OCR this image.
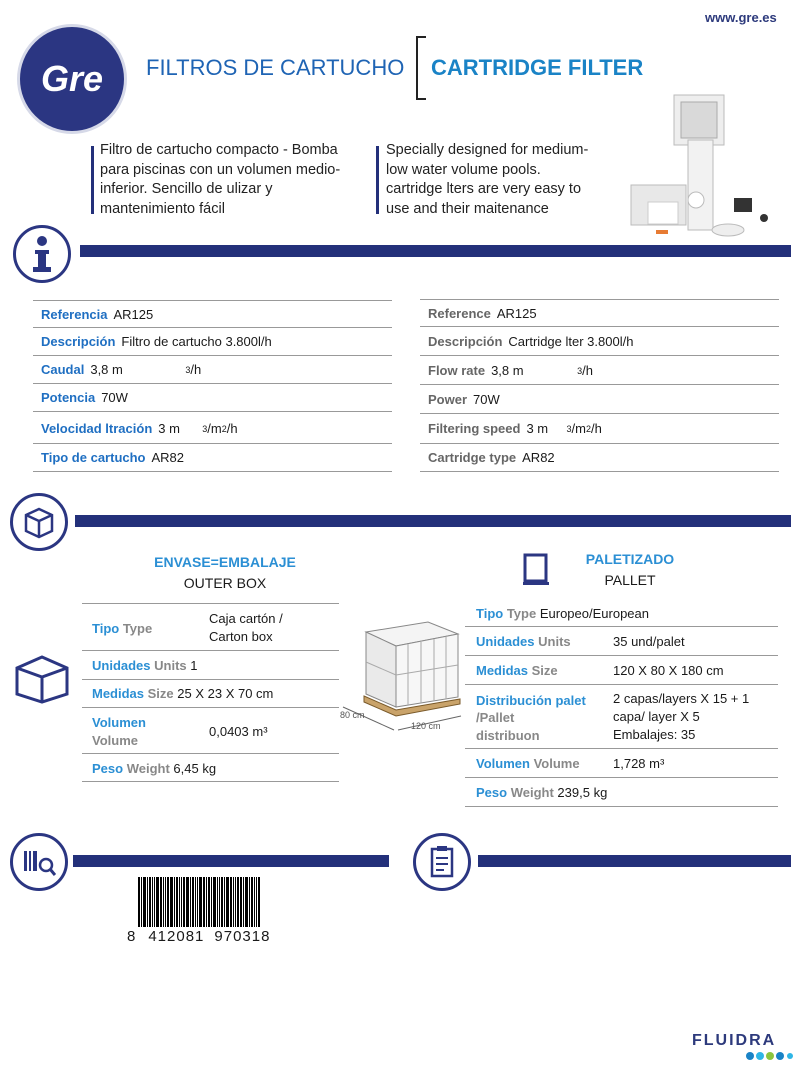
www.gre.es
Gre FILTROS DE CARTUCHO CARTRIDGE FILTER
Filtro de cartucho compacto - Bomba
para piscinas con un volumen medio-
inferior. Sencillo de ulizar y
mantenimiento fácil
Specially designed for medium-
low water volume pools.
cartridge lters are very easy to
use and their maitenance
Referencia AR125
Descripción Filtro de cartucho 3.800l/h
Caudal 3,8 m	3 /h
Potencia 70W
Velocidad ltración 3 m	3 /m 2 /h
Tipo de cartucho AR82
Reference AR125
Descripción Cartridge lter 3.800l/h
Flow rate 3,8 m	3 /h
Power 70W
Filtering speed 3 m	3 /m 2 /h
Cartridge type AR82
ENVASE=EMBALAJE
OUTER BOX
Tipo Type
Caja cartón /
Carton box
Unidades Units 1
Medidas Size 25 X 23 X 70 cm
Volumen
Volume
0,0403 m³
Peso Weight 6,45 kg
80 cm
120 cm
PALETIZADO
PALLET
Tipo Type Europeo/European
Unidades Units	35 und/palet
Medidas Size	120 X 80 X 180 cm
Distribución palet
/Pallet
distribuon
2 capas/layers X 15 + 1
capa/ layer X 5
Embalajes: 35
Volumen Volume	1,728 m³
Peso Weight 239,5 kg
8 412081 970318
FLUIDRA
